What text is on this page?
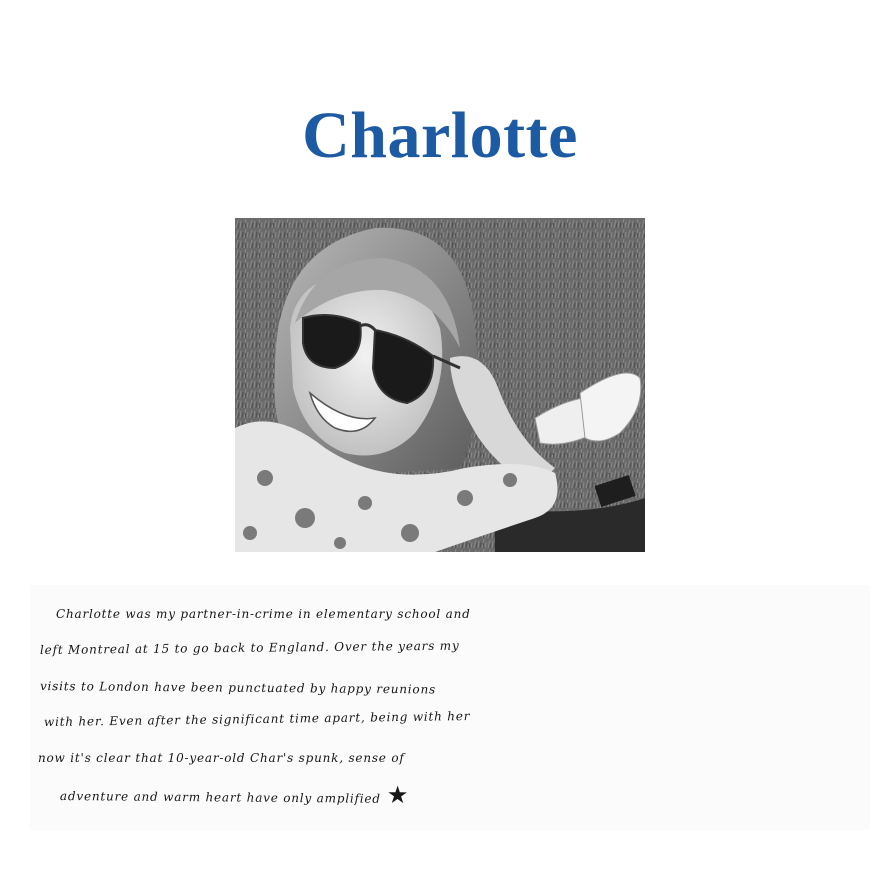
Charlotte
Charlotte was my partner-in-crime in elementary school and
left Montreal at 15 to go back to England. Over the years my
visits to London have been punctuated by happy reunions
with her. Even after the significant time apart, being with her
now it's clear that 10-year-old Char's spunk, sense of
adventure and warm heart have only amplified ★
